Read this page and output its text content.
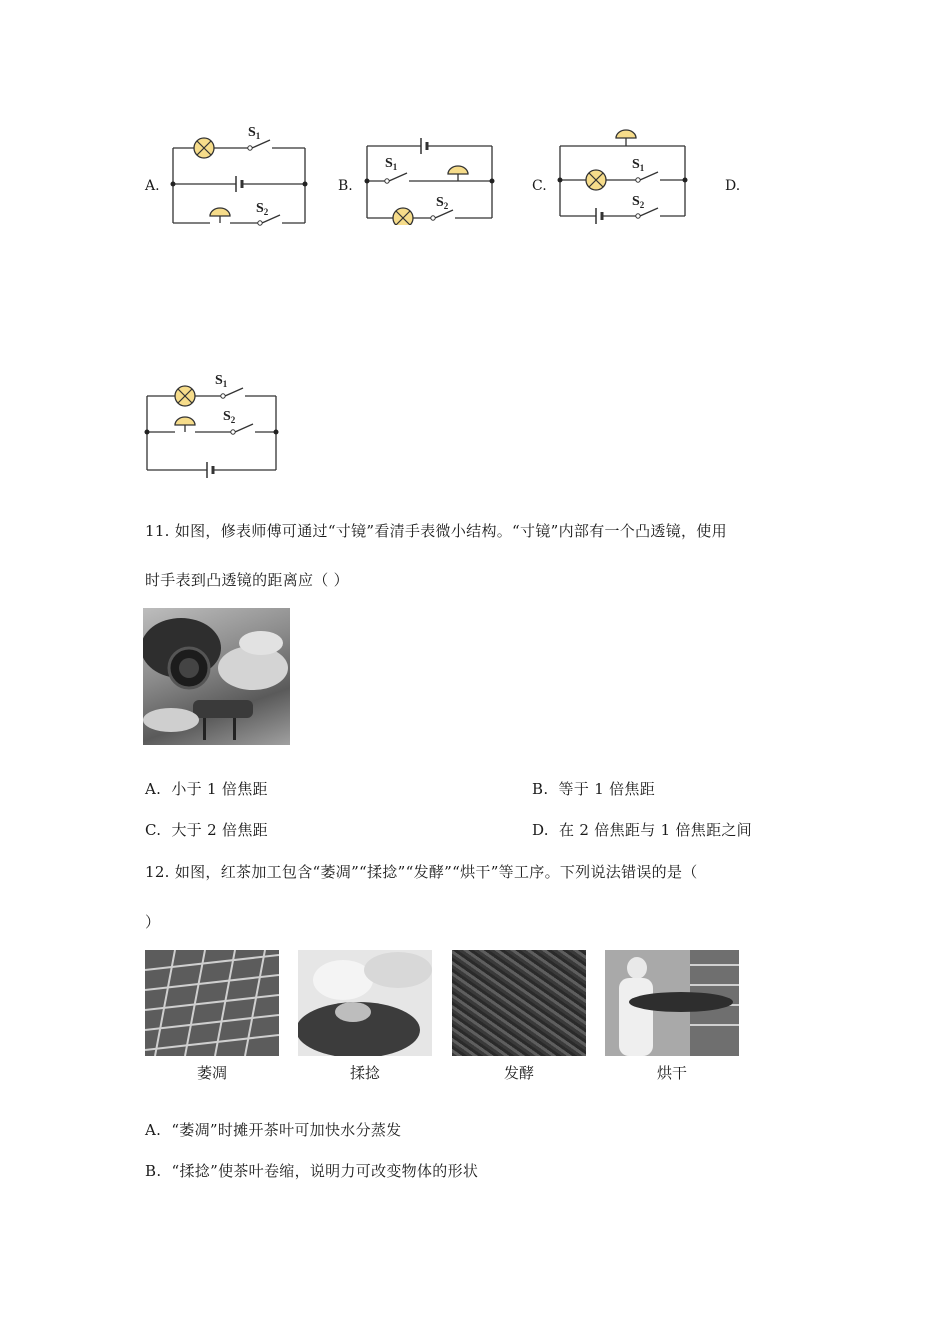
A.	B.	C.	D.
$S_1$
$S_2$
$S_1$
$S_2$
$S_1$
$S_2$
$S_1$
$S_2$
11. 如图，修表师傅可通过“寸镜”看清手表微小结构。“寸镜”内部有一个凸透镜，使用
时手表到凸透镜的距离应（ ）
A. 小于 1 倍焦距	B. 等于 1 倍焦距
C. 大于 2 倍焦距	D. 在 2 倍焦距与 1 倍焦距之间
12. 如图，红茶加工包含“萎凋”“揉捻”“发酵”“烘干”等工序。下列说法错误的是（
）
萎凋	揉捻	发酵	烘干
A. “萎凋”时摊开茶叶可加快水分蒸发
B. “揉捻”使茶叶卷缩，说明力可改变物体的形状
